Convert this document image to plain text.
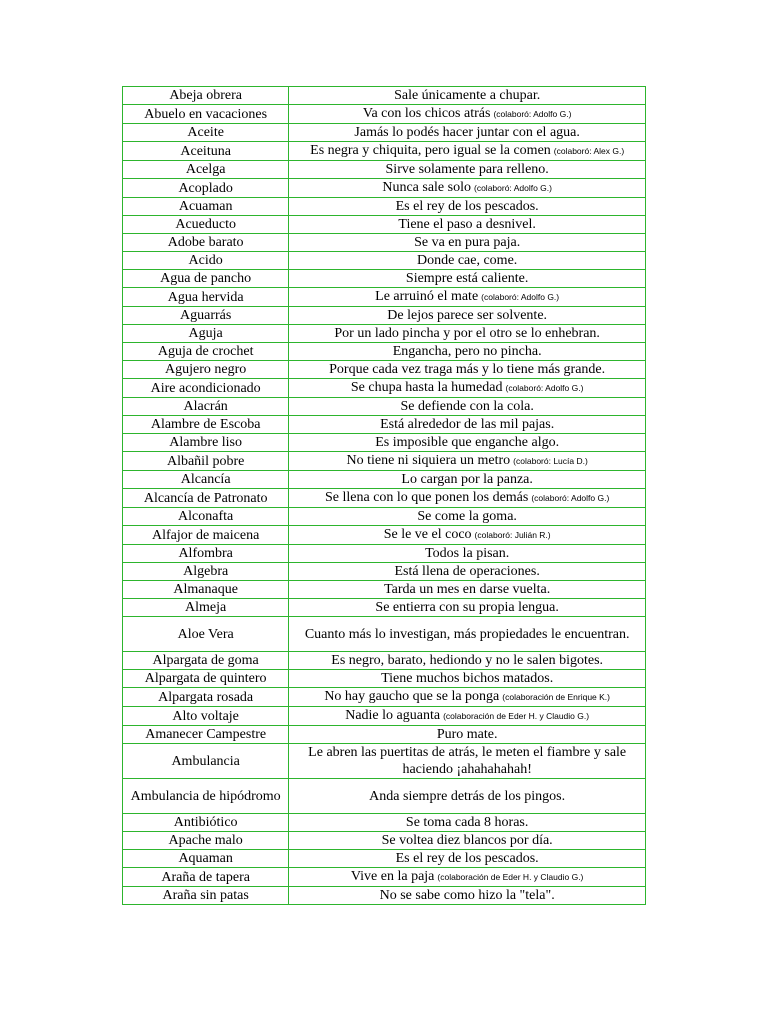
Abeja obrera	Sale únicamente a chupar.
Abuelo en vacaciones	Va con los chicos atrás (colaboró: Adolfo G.)
Aceite	Jamás lo podés hacer juntar con el agua.
Aceituna	Es negra y chiquita, pero igual se la comen (colaboró: Alex G.)
Acelga	Sirve solamente para relleno.
Acoplado	Nunca sale solo (colaboró: Adolfo G.)
Acuaman	Es el rey de los pescados.
Acueducto	Tiene el paso a desnivel.
Adobe barato	Se va en pura paja.
Acido	Donde cae, come.
Agua de pancho	Siempre está caliente.
Agua hervida	Le arruinó el mate (colaboró: Adolfo G.)
Aguarrás	De lejos parece ser solvente.
Aguja	Por un lado pincha y por el otro se lo enhebran.
Aguja de crochet	Engancha, pero no pincha.
Agujero negro	Porque cada vez traga más y lo tiene más grande.
Aire acondicionado	Se chupa hasta la humedad (colaboró: Adolfo G.)
Alacrán	Se defiende con la cola.
Alambre de Escoba	Está alrededor de las mil pajas.
Alambre liso	Es imposible que enganche algo.
Albañil pobre	No tiene ni siquiera un metro (colaboró: Lucía D.)
Alcancía	Lo cargan por la panza.
Alcancía de Patronato	Se llena con lo que ponen los demás (colaboró: Adolfo G.)
Alconafta	Se come la goma.
Alfajor de maicena	Se le ve el coco (colaboró: Julián R.)
Alfombra	Todos la pisan.
Algebra	Está llena de operaciones.
Almanaque	Tarda un mes en darse vuelta.
Almeja	Se entierra con su propia lengua.
Aloe Vera	Cuanto más lo investigan, más propiedades le encuentran.
Alpargata de goma	Es negro, barato, hediondo y no le salen bigotes.
Alpargata de quintero	Tiene muchos bichos matados.
Alpargata rosada	No hay gaucho que se la ponga (colaboración de Enrique K.)
Alto voltaje	Nadie lo aguanta (colaboración de Eder H. y Claudio G.)
Amanecer Campestre	Puro mate.
Ambulancia	Le abren las puertitas de atrás, le meten el fiambre y sale haciendo ¡ahahahahah!
Ambulancia de hipódromo	Anda siempre detrás de los pingos.
Antibiótico	Se toma cada 8 horas.
Apache malo	Se voltea diez blancos por día.
Aquaman	Es el rey de los pescados.
Araña de tapera	Vive en la paja (colaboración de Eder H. y Claudio G.)
Araña sin patas	No se sabe como hizo la "tela".
